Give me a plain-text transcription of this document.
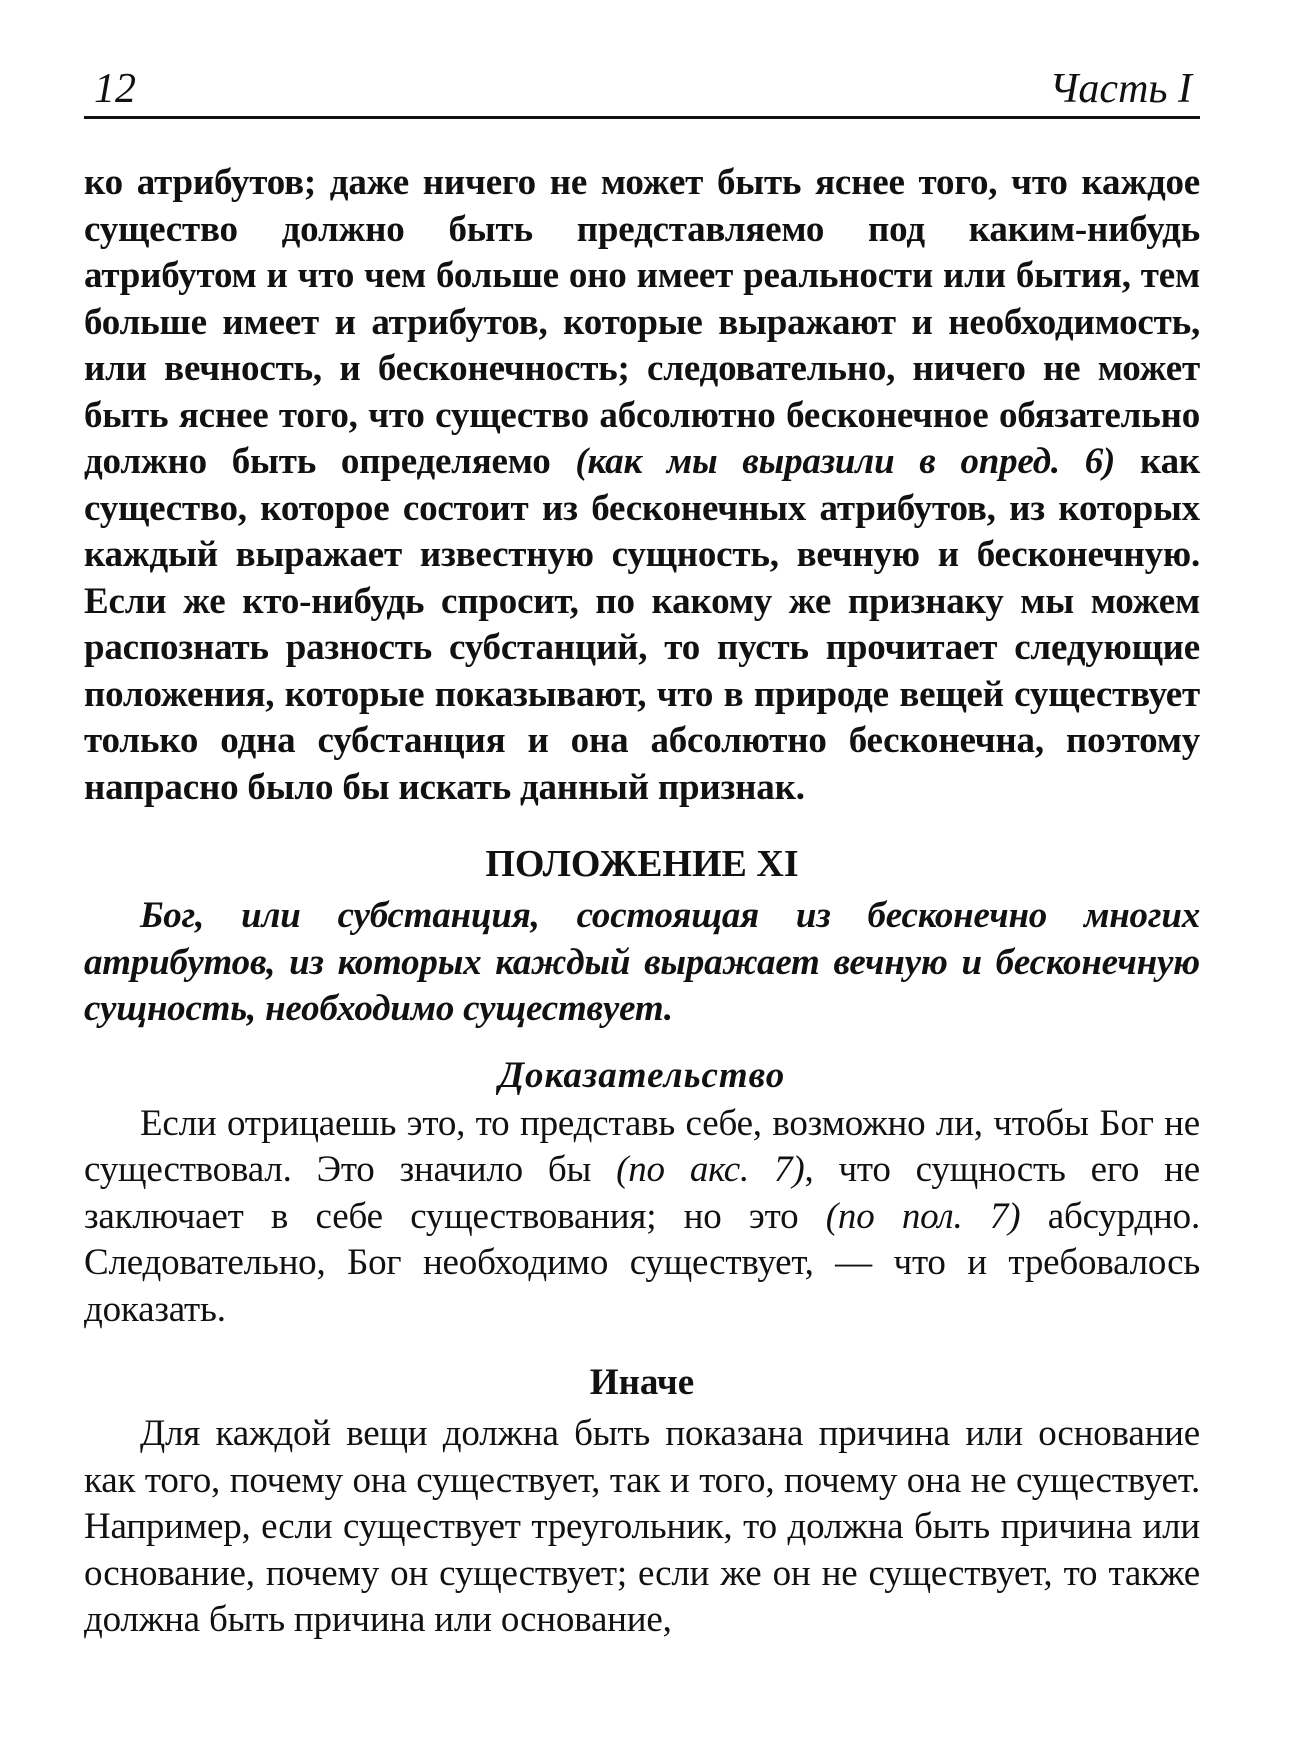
12	Часть I

ко атрибутов; даже ничего не может быть яснее того, что каждое существо должно быть представляемо под каким-нибудь атрибутом и что чем больше оно имеет реальности или бытия, тем больше имеет и атрибутов, которые выражают и необходимость, или вечность, и бесконечность; следовательно, ничего не может быть яснее того, что существо абсолютно бесконечное обязательно должно быть определяемо (как мы выразили в опред. 6) как существо, которое состоит из бесконечных атрибутов, из которых каждый выражает известную сущность, вечную и бесконечную. Если же кто-нибудь спросит, по какому же признаку мы можем распознать разность субстанций, то пусть прочитает следующие положения, которые показывают, что в природе вещей существует только одна субстанция и она абсолютно бесконечна, поэтому напрасно было бы искать данный признак.

ПОЛОЖЕНИЕ XI

Бог, или субстанция, состоящая из бесконечно многих атрибутов, из которых каждый выражает вечную и бесконечную сущность, необходимо существует.

Доказательство

Если отрицаешь это, то представь себе, возможно ли, чтобы Бог не существовал. Это значило бы (по акс. 7), что сущность его не заключает в себе существования; но это (по пол. 7) абсурдно. Следовательно, Бог необходимо существует, — что и требовалось доказать.

Иначе

Для каждой вещи должна быть показана причина или основание как того, почему она существует, так и того, почему она не существует. Например, если существует треугольник, то должна быть причина или основание, почему он существует; если же он не существует, то также должна быть причина или основание,
